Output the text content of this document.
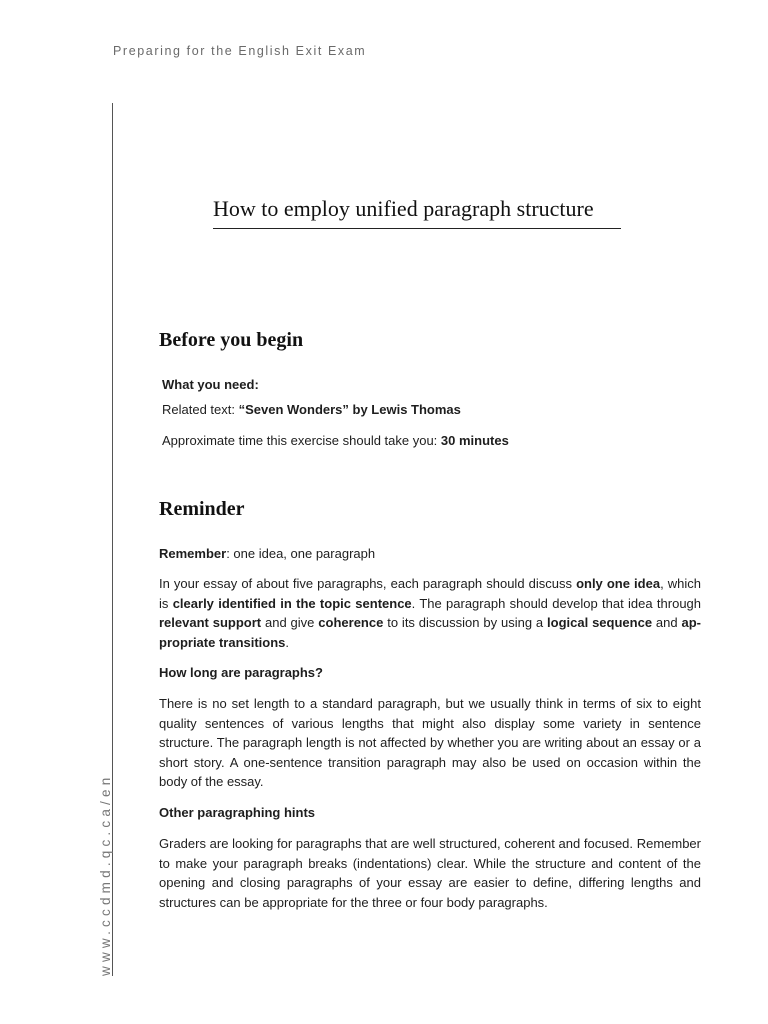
Preparing for the English Exit Exam
www.ccdmd.qc.ca/en
How to employ unified paragraph structure
Before you begin

What you need:

Related text: “Seven Wonders” by Lewis Thomas

Approximate time this exercise should take you: 30 minutes

Reminder

Remember: one idea, one paragraph

In your essay of about five paragraphs, each paragraph should discuss only one idea, which is clearly identified in the topic sentence. The paragraph should develop that idea through relevant support and give coherence to its discussion by using a logical sequence and appropriate transitions.

How long are paragraphs?

There is no set length to a standard paragraph, but we usually think in terms of six to eight quality sentences of various lengths that might also display some variety in sentence structure. The paragraph length is not affected by whether you are writing about an essay or a short story. A one-sentence transition paragraph may also be used on occasion within the body of the essay.

Other paragraphing hints

Graders are looking for paragraphs that are well structured, coherent and focused. Remember to make your paragraph breaks (indentations) clear. While the structure and content of the opening and closing paragraphs of your essay are easier to define, differing lengths and structures can be appropriate for the three or four body paragraphs.
